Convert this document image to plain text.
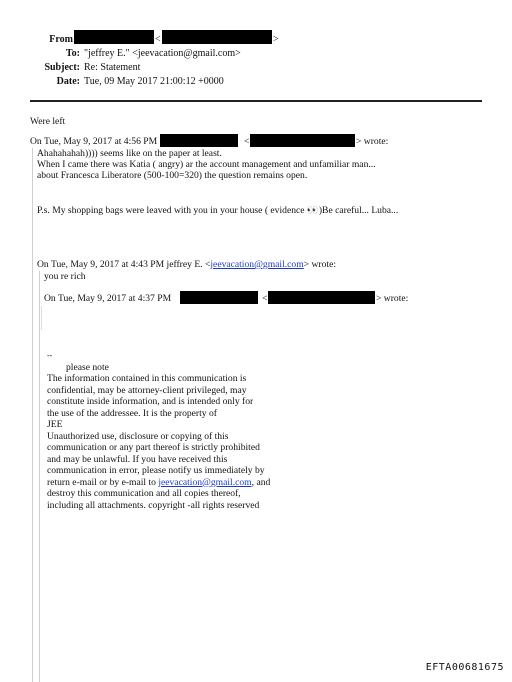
From	<	>
To: "jeffrey E." <jeevacation@gmail.com>
Subject: Re: Statement
Date: Tue, 09 May 2017 21:00:12 +0000
Were left
On Tue, May 9, 2017 at 4:56 PM	<	> wrote:
Ahahahahah)))) seems like on the paper at least.
When I came there was Katia ( angry) ar the account management and unfamiliar man...
about Francesca Liberatore (500-100=320) the question remains open.
P.s. My shopping bags were leaved with you in your house ( evidence 👀)Be careful... Luba...
On Tue, May 9, 2017 at 4:43 PM jeffrey E. <jeevacation@gmail.com> wrote:
you re rich
On Tue, May 9, 2017 at 4:37 PM	<	> wrote:
--
please note
The information contained in this communication is
confidential, may be attorney-client privileged, may
constitute inside information, and is intended only for
the use of the addressee. It is the property of
JEE
Unauthorized use, disclosure or copying of this
communication or any part thereof is strictly prohibited
and may be unlawful. If you have received this
communication in error, please notify us immediately by
return e-mail or by e-mail to jeevacation@gmail.com, and
destroy this communication and all copies thereof,
including all attachments. copyright -all rights reserved
EFTA00681675
